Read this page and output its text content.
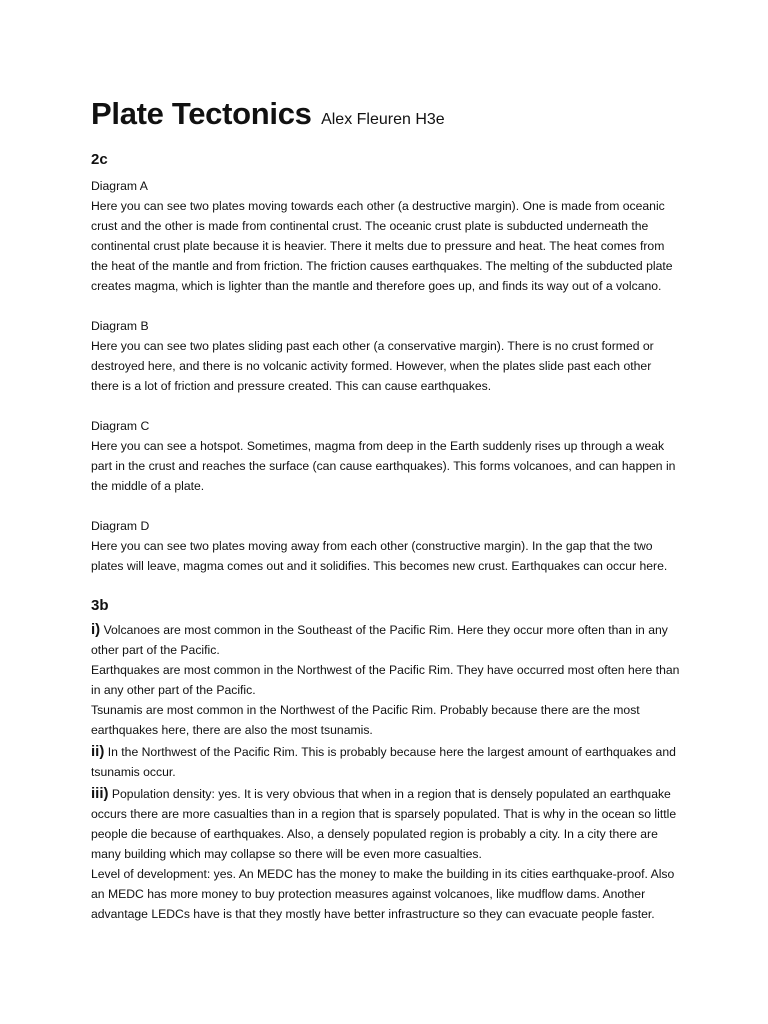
Plate Tectonics Alex Fleuren H3e
2c

Diagram A

Here you can see two plates moving towards each other (a destructive margin). One is made from oceanic crust and the other is made from continental crust. The oceanic crust plate is subducted underneath the continental crust plate because it is heavier. There it melts due to pressure and heat. The heat comes from the heat of the mantle and from friction. The friction causes earthquakes. The melting of the subducted plate creates magma, which is lighter than the mantle and therefore goes up, and finds its way out of a volcano.

Diagram B

Here you can see two plates sliding past each other (a conservative margin). There is no crust formed or destroyed here, and there is no volcanic activity formed. However, when the plates slide past each other there is a lot of friction and pressure created. This can cause earthquakes.

Diagram C

Here you can see a hotspot. Sometimes, magma from deep in the Earth suddenly rises up through a weak part in the crust and reaches the surface (can cause earthquakes). This forms volcanoes, and can happen in the middle of a plate.

Diagram D

Here you can see two plates moving away from each other (constructive margin). In the gap that the two plates will leave, magma comes out and it solidifies. This becomes new crust. Earthquakes can occur here.

3b

i) Volcanoes are most common in the Southeast of the Pacific Rim. Here they occur more often than in any other part of the Pacific.

Earthquakes are most common in the Northwest of the Pacific Rim. They have occurred most often here than in any other part of the Pacific.

Tsunamis are most common in the Northwest of the Pacific Rim. Probably because there are the most earthquakes here, there are also the most tsunamis.

ii) In the Northwest of the Pacific Rim. This is probably because here the largest amount of earthquakes and tsunamis occur.

iii) Population density: yes. It is very obvious that when in a region that is densely populated an earthquake occurs there are more casualties than in a region that is sparsely populated. That is why in the ocean so little people die because of earthquakes. Also, a densely populated region is probably a city. In a city there are many building which may collapse so there will be even more casualties.

Level of development: yes. An MEDC has the money to make the building in its cities earthquake-proof. Also an MEDC has more money to buy protection measures against volcanoes, like mudflow dams. Another advantage LEDCs have is that they mostly have better infrastructure so they can evacuate people faster.
